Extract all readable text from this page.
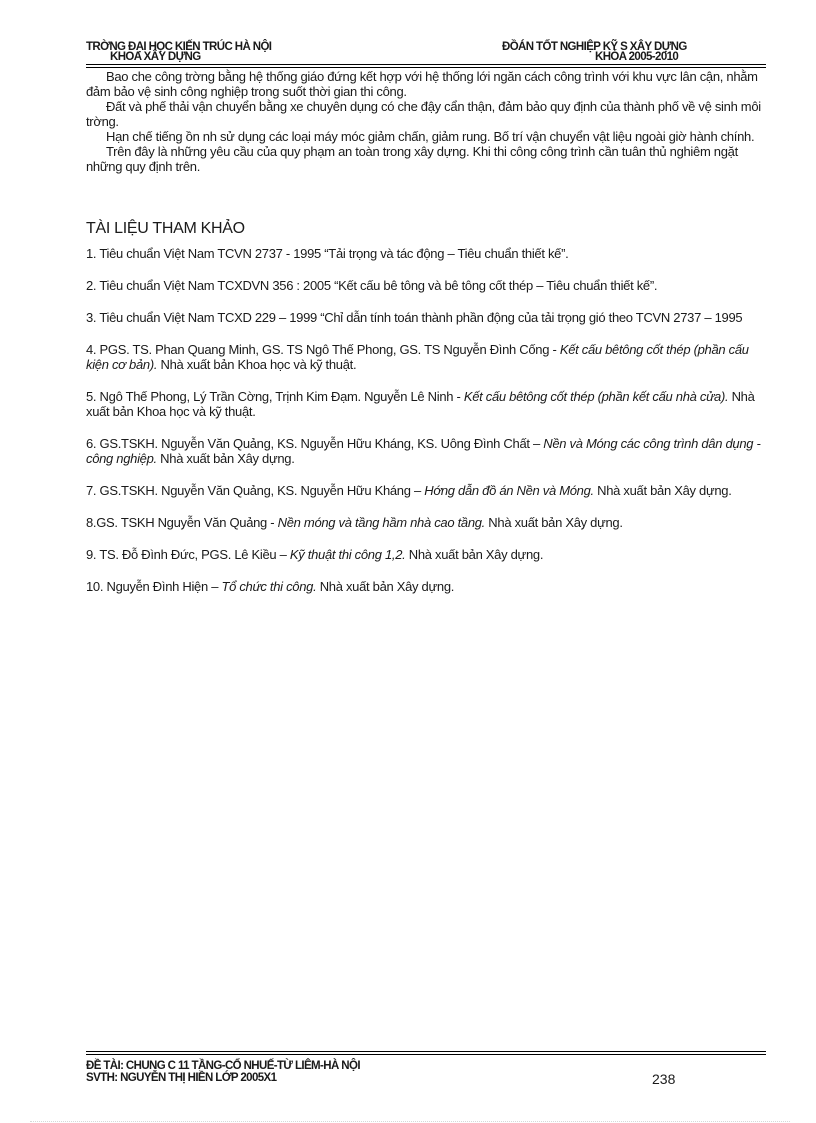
TRỜNG ĐẠI HỌC KIẾN TRÚC HÀ NỘI
KHOA XÂY DỰNG
ĐỒÁN TỐT NGHIỆP KỸ S XÂY DỰNG
KHÓA 2005-2010

Bao che công trờng bằng hệ thống giáo đứng kết hợp với hệ thống lới ngăn cách công trình với khu vực lân cận, nhằm đảm bảo vệ sinh công nghiệp trong suốt thời gian thi công.

Đất và phế thải vận chuyển bằng xe chuyên dụng có che đậy cẩn thận, đảm bảo quy định của thành phố về vệ sinh môi trờng.

Hạn chế tiếng ồn nh sử dụng các loại máy móc giảm chấn, giảm rung. Bố trí vận chuyển vật liệu ngoài giờ hành chính.

Trên đây là những yêu cầu của quy phạm an toàn trong xây dựng. Khi thi công công trình cần tuân thủ nghiêm ngặt những quy định trên.

TÀI LIỆU THAM KHẢO

1. Tiêu chuẩn Việt Nam TCVN 2737 - 1995 “Tải trọng và tác động – Tiêu chuẩn thiết kế”.

2. Tiêu chuẩn Việt Nam TCXDVN 356 : 2005 “Kết cấu bê tông và bê tông cốt thép – Tiêu chuẩn thiết kế”.

3. Tiêu chuẩn Việt Nam TCXD 229 – 1999 “Chỉ dẫn tính toán thành phần động của tải trọng gió theo TCVN 2737 – 1995

4. PGS. TS. Phan Quang Minh, GS. TS Ngô Thế Phong, GS. TS Nguyễn Đình Cống - Kết cấu bêtông cốt thép (phần cấu kiện cơ bản). Nhà xuất bản Khoa học và kỹ thuật.

5. Ngô Thế Phong, Lý Trần Cờng, Trịnh Kim Đạm. Nguyễn Lê Ninh - Kết cấu bêtông cốt thép (phần kết cấu nhà cửa). Nhà xuất bản Khoa học và kỹ thuật.

6. GS.TSKH. Nguyễn Văn Quảng, KS. Nguyễn Hữu Kháng, KS. Uông Đình Chất – Nền và Móng các công trình dân dụng - công nghiệp. Nhà xuất bản Xây dựng.

7. GS.TSKH. Nguyễn Văn Quảng, KS. Nguyễn Hữu Kháng – Hớng dẫn đồ án Nền và Móng. Nhà xuất bản Xây dựng.

8.GS. TSKH Nguyễn Văn Quảng - Nền móng và tầng hầm nhà cao tầng. Nhà xuất bản Xây dựng.

9. TS. Đỗ Đình Đức, PGS. Lê Kiều – Kỹ thuật thi công 1,2. Nhà xuất bản Xây dựng.

10. Nguyễn Đình Hiện – Tổ chức thi công. Nhà xuất bản Xây dựng.

ĐỀ TÀI: CHUNG C 11 TẦNG-CỔ NHUẾ-TỪ LIÊM-HÀ NỘI
SVTH: NGUYỄN THỊ HIỀN LỚP 2005X1	238
